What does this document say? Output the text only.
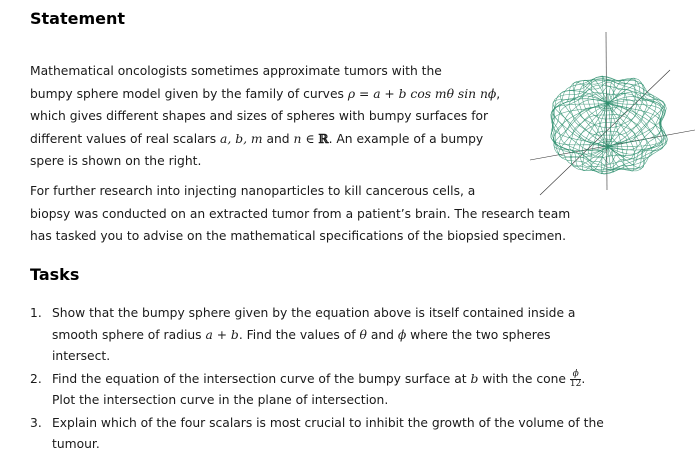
Statement
Mathematical oncologists sometimes approximate tumors with the
bumpy sphere model given by the family of curves ρ = a + b cos mθ sin nϕ,
which gives different shapes and sizes of spheres with bumpy surfaces for
different values of real scalars a, b, m and n ∈ ℝ. An example of a bumpy
spere is shown on the right.
For further research into injecting nanoparticles to kill cancerous cells, a
biopsy was conducted on an extracted tumor from a patient’s brain. The research team
has tasked you to advise on the mathematical specifications of the biopsied specimen.
Tasks
1. Show that the bumpy sphere given by the equation above is itself contained inside a
smooth sphere of radius a + b. Find the values of θ and ϕ where the two spheres
intersect.
2. Find the equation of the intersection curve of the bumpy surface at b with the cone $\frac{\phi}{12}$ .
Plot the intersection curve in the plane of intersection.
3. Explain which of the four scalars is most crucial to inhibit the growth of the volume of the
tumour.
